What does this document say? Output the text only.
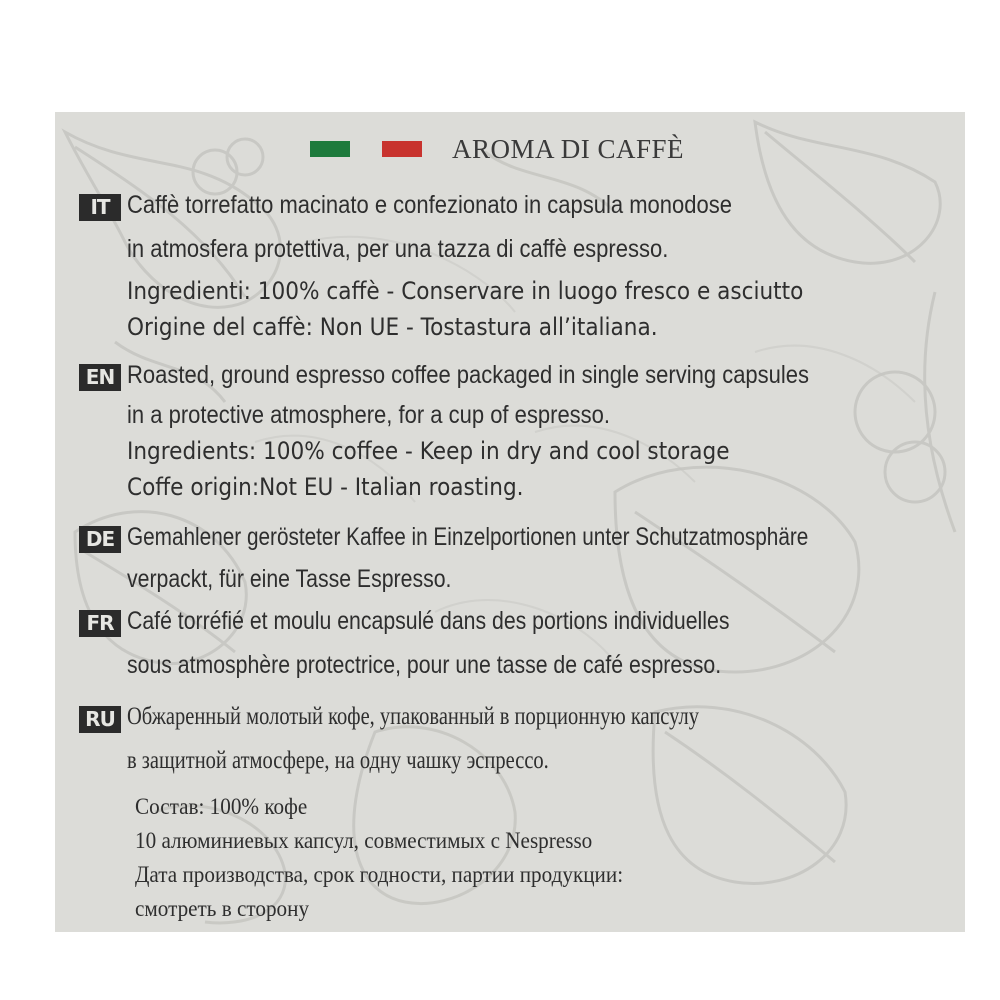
AROMA DI CAFFÈ
IT Caffè torrefatto macinato e confezionato in capsula monodose
in atmosfera protettiva, per una tazza di caffè espresso.
Ingredienti: 100% caffè - Conservare in luogo fresco e asciutto
Origine del caffè: Non UE - Tostastura all’italiana.
EN Roasted, ground espresso coffee packaged in single serving capsules
in a protective atmosphere, for a cup of espresso.
Ingredients: 100% coffee - Keep in dry and cool storage
Coffe origin:Not EU - Italian roasting.
DE Gemahlener gerösteter Kaffee in Einzelportionen unter Schutzatmosphäre
verpackt, für eine Tasse Espresso.
FR Café torréfié et moulu encapsulé dans des portions individuelles
sous atmosphère protectrice, pour une tasse de café espresso.
RU Обжаренный молотый кофе, упакованный в порционную капсулу
в защитной атмосфере, на одну чашку эспрессо.
Состав: 100% кофе
10 алюминиевых капсул, совместимых с Nespresso
Дата производства, срок годности, партии продукции:
смотреть в сторону
